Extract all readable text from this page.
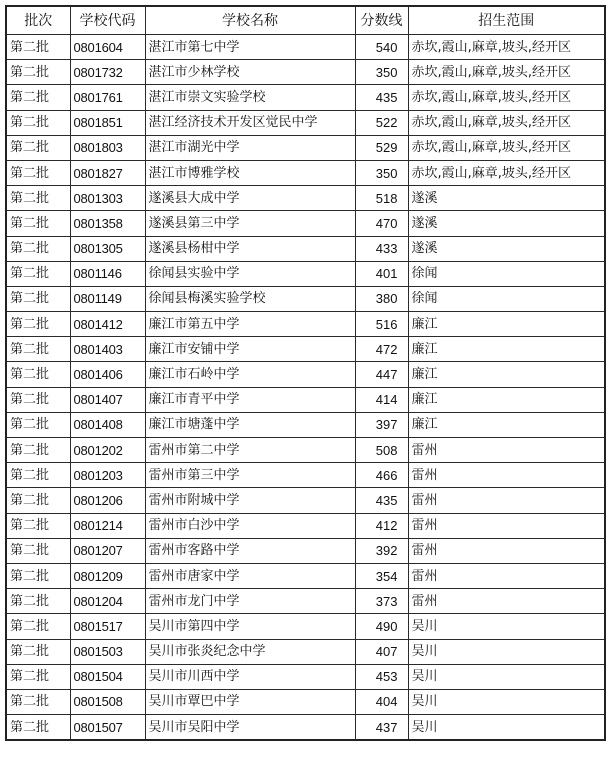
批次	学校代码	学校名称	分数线	招生范围
第二批	0801604	湛江市第七中学	540	赤坎,霞山,麻章,坡头,经开区
第二批	0801732	湛江市少林学校	350	赤坎,霞山,麻章,坡头,经开区
第二批	0801761	湛江市崇文实验学校	435	赤坎,霞山,麻章,坡头,经开区
第二批	0801851	湛江经济技术开发区觉民中学	522	赤坎,霞山,麻章,坡头,经开区
第二批	0801803	湛江市湖光中学	529	赤坎,霞山,麻章,坡头,经开区
第二批	0801827	湛江市博雅学校	350	赤坎,霞山,麻章,坡头,经开区
第二批	0801303	遂溪县大成中学	518	遂溪
第二批	0801358	遂溪县第三中学	470	遂溪
第二批	0801305	遂溪县杨柑中学	433	遂溪
第二批	0801146	徐闻县实验中学	401	徐闻
第二批	0801149	徐闻县梅溪实验学校	380	徐闻
第二批	0801412	廉江市第五中学	516	廉江
第二批	0801403	廉江市安铺中学	472	廉江
第二批	0801406	廉江市石岭中学	447	廉江
第二批	0801407	廉江市青平中学	414	廉江
第二批	0801408	廉江市塘蓬中学	397	廉江
第二批	0801202	雷州市第二中学	508	雷州
第二批	0801203	雷州市第三中学	466	雷州
第二批	0801206	雷州市附城中学	435	雷州
第二批	0801214	雷州市白沙中学	412	雷州
第二批	0801207	雷州市客路中学	392	雷州
第二批	0801209	雷州市唐家中学	354	雷州
第二批	0801204	雷州市龙门中学	373	雷州
第二批	0801517	吴川市第四中学	490	吴川
第二批	0801503	吴川市张炎纪念中学	407	吴川
第二批	0801504	吴川市川西中学	453	吴川
第二批	0801508	吴川市覃巴中学	404	吴川
第二批	0801507	吴川市吴阳中学	437	吴川
